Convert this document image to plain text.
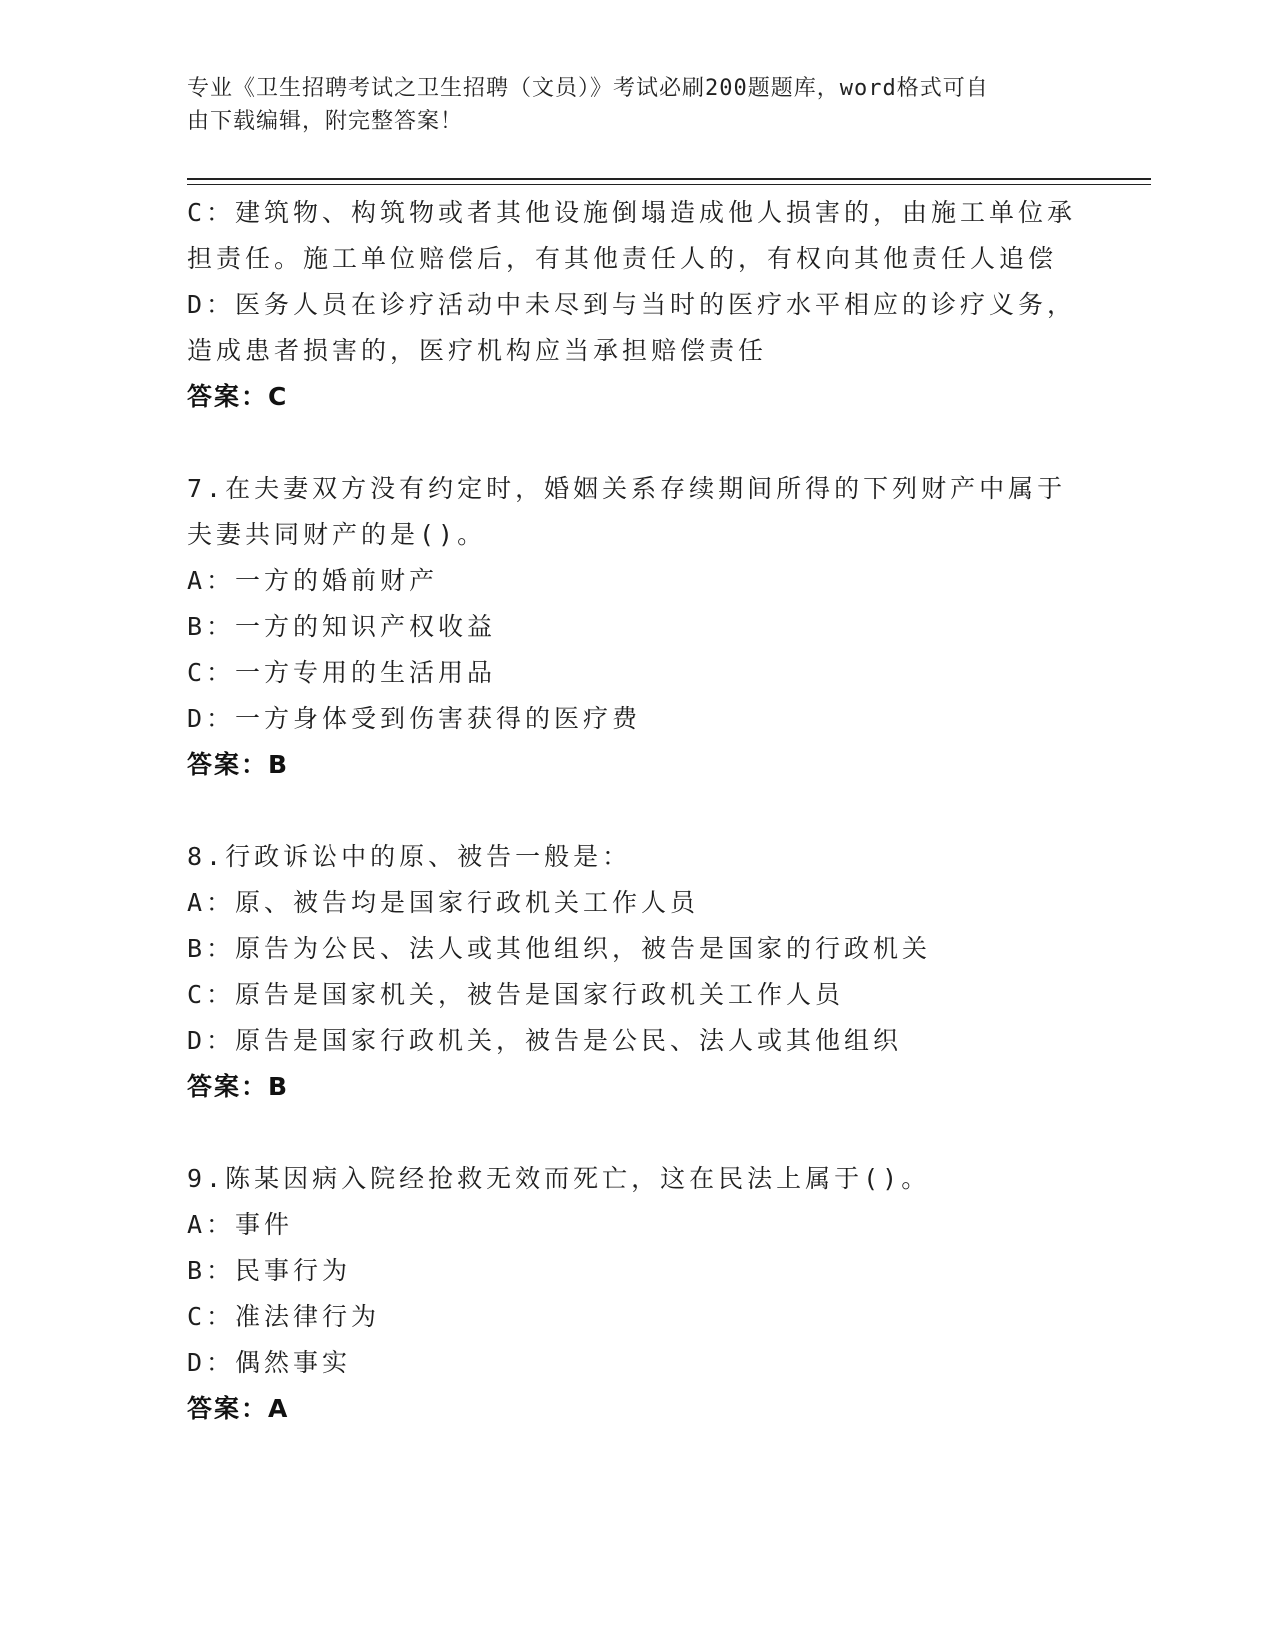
专业《卫生招聘考试之卫生招聘（文员）》考试必刷200题题库，word格式可自
由下载编辑，附完整答案！
C：建筑物、构筑物或者其他设施倒塌造成他人损害的，由施工单位承
担责任。施工单位赔偿后，有其他责任人的，有权向其他责任人追偿
D：医务人员在诊疗活动中未尽到与当时的医疗水平相应的诊疗义务，
造成患者损害的，医疗机构应当承担赔偿责任
答案：C
7.在夫妻双方没有约定时，婚姻关系存续期间所得的下列财产中属于
夫妻共同财产的是()。
A：一方的婚前财产
B：一方的知识产权收益
C：一方专用的生活用品
D：一方身体受到伤害获得的医疗费
答案：B
8.行政诉讼中的原、被告一般是：
A：原、被告均是国家行政机关工作人员
B：原告为公民、法人或其他组织，被告是国家的行政机关
C：原告是国家机关，被告是国家行政机关工作人员
D：原告是国家行政机关，被告是公民、法人或其他组织
答案：B
9.陈某因病入院经抢救无效而死亡，这在民法上属于()。
A：事件
B：民事行为
C：准法律行为
D：偶然事实
答案：A
